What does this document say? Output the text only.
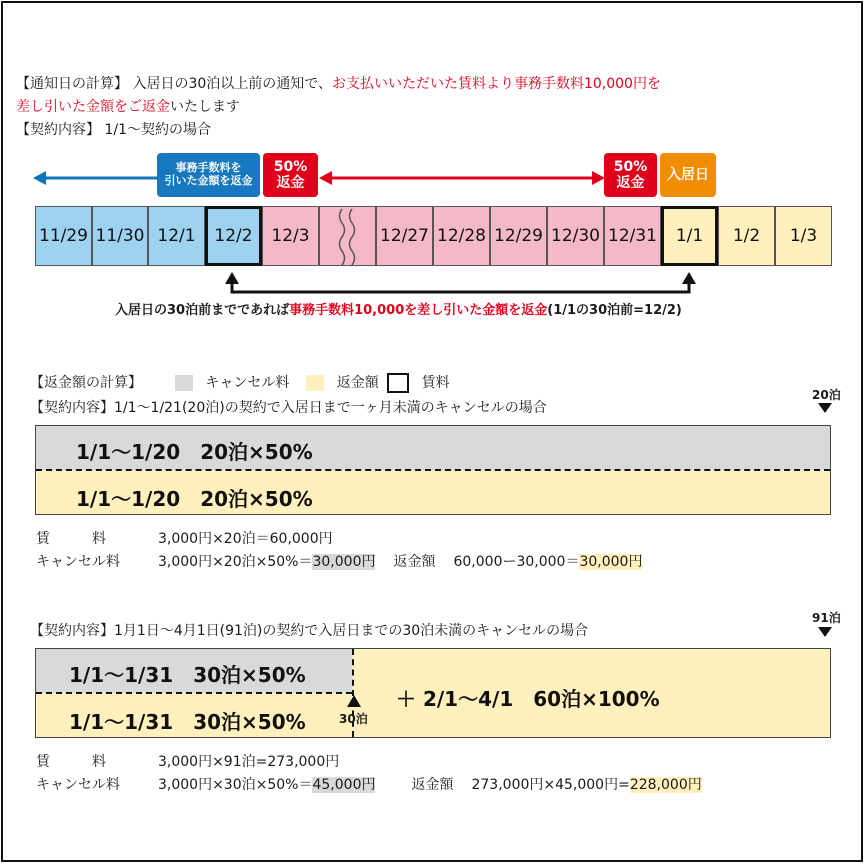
【通知日の計算】 入居日の30泊以上前の通知で、お支払いいただいた賃料より事務手数料10,000円を
差し引いた金額をご返金いたします
【契約内容】 1/1〜契約の場合
事務手数料を
引いた金額を返金
50%
返金
50%
返金
入居日
11/29 11/30 12/1	12/2	12/3	12/27 12/28 12/29 12/30 12/31	1/1	1/2	1/3
入居日の30泊前までであれば事務手数料10,000を差し引いた金額を返金(1/1の30泊前=12/2)
【返金額の計算】	キャンセル料	返金額	賃料
【契約内容】1/1〜1/21(20泊)の契約で入居日まで一ヶ月未満のキャンセルの場合
20泊
1/1〜1/20　20泊×50%
1/1〜1/20　20泊×50%
賃　　　料	3,000円×20泊＝60,000円
キャンセル料	3,000円×20泊×50%＝30,000円 返金額 60,000ー30,000＝30,000円
【契約内容】1月1日〜4月1日(91泊)の契約で入居日までの30泊未満のキャンセルの場合
91泊
1/1〜1/31　30泊×50%
1/1〜1/31　30泊×50%
＋ 2/1〜4/1　60泊×100%
30泊
賃　　　料	3,000円×91泊=273,000円
キャンセル料	3,000円×30泊×50%＝45,000円	返金額 273,000円×45,000円=228,000円
